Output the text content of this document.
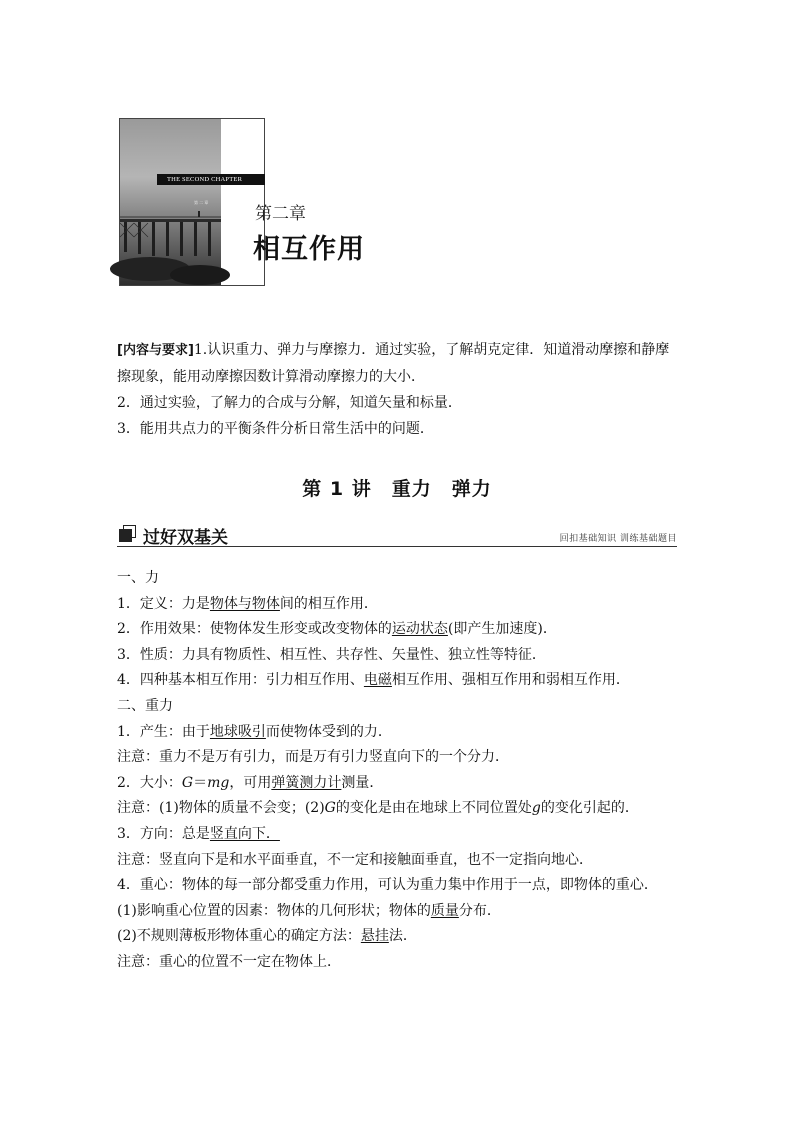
THE SECOND CHAPTER
第 二 章
第二章
相互作用

[内容与要求]1.认识重力、弹力与摩擦力．通过实验，了解胡克定律．知道滑动摩擦和静摩

擦现象，能用动摩擦因数计算滑动摩擦力的大小．

2．通过实验，了解力的合成与分解，知道矢量和标量．

3．能用共点力的平衡条件分析日常生活中的问题．

第 1 讲　重力　弹力
过好双基关	回扣基础知识 训练基础题目

一、力

1．定义：力是物体与物体间的相互作用．

2．作用效果：使物体发生形变或改变物体的运动状态(即产生加速度)．

3．性质：力具有物质性、相互性、共存性、矢量性、独立性等特征．

4．四种基本相互作用：引力相互作用、电磁相互作用、强相互作用和弱相互作用．

二、重力

1．产生：由于地球吸引而使物体受到的力．

注意：重力不是万有引力，而是万有引力竖直向下的一个分力．

2．大小：G＝mg，可用弹簧测力计测量．

注意：(1)物体的质量不会变；(2)G的变化是由在地球上不同位置处g的变化引起的．

3．方向：总是竖直向下．

注意：竖直向下是和水平面垂直，不一定和接触面垂直，也不一定指向地心．

4．重心：物体的每一部分都受重力作用，可认为重力集中作用于一点，即物体的重心．

(1)影响重心位置的因素：物体的几何形状；物体的质量分布．

(2)不规则薄板形物体重心的确定方法：悬挂法．

注意：重心的位置不一定在物体上．
